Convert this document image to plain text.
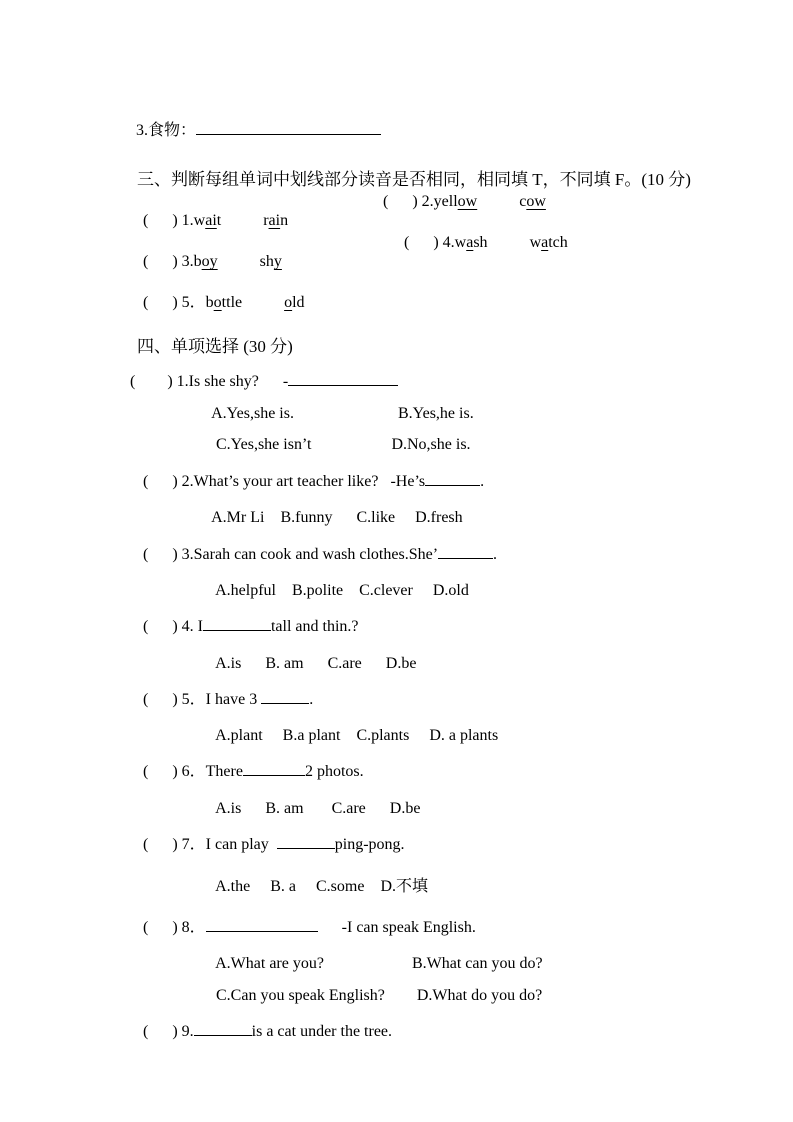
3.食物：

三、判断每组单词中划线部分读音是否相同，相同填 T，不同填 F。(10 分)

(      ) 1.wait	rain

(      ) 2.yellow	cow

(      ) 3.boy	shy

(      ) 4.wash	watch

(      ) 5．bottle	old

四、单项选择 (30 分)

(        ) 1.Is she shy?      -

A.Yes,she is.                          B.Yes,he is.

C.Yes,she isn’t                    D.No,she is.

(      ) 2.What’s your art teacher like?   -He’s	.

A.Mr Li    B.funny      C.like     D.fresh

(      ) 3.Sarah can cook and wash clothes.She’	.

A.helpful    B.polite    C.clever     D.old

(      ) 4. I	tall and thin.?

A.is      B. am      C.are      D.be

(      ) 5．I have 3	.

A.plant     B.a plant    C.plants     D. a plants

(      ) 6．There	2 photos.

A.is      B. am       C.are      D.be

(      ) 7．I can play	ping-pong.

A.the     B. a     C.some    D.不填

(      ) 8．	-I can speak English.

A.What are you?                      B.What can you do?

C.Can you speak English?        D.What do you do?

(      ) 9.	is a cat under the tree.
